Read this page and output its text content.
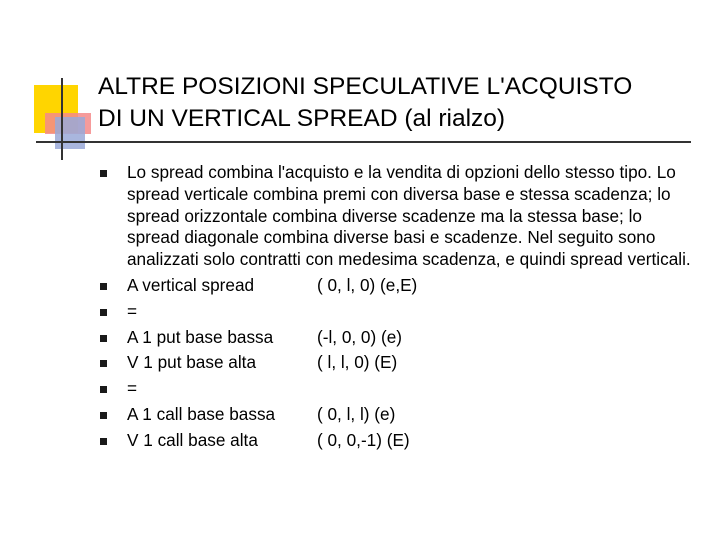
ALTRE POSIZIONI SPECULATIVE L'ACQUISTO
DI UN VERTICAL SPREAD (al rialzo)
Lo spread combina l'acquisto e la vendita di opzioni dello stesso tipo. Lo spread verticale combina premi con diversa base e stessa scadenza; lo spread orizzontale combina diverse scadenze ma la stessa base; lo spread diagonale combina diverse basi e scadenze. Nel seguito sono analizzati solo contratti con medesima scadenza, e quindi spread verticali.
A vertical spread	( 0, l, 0) (e,E)
=
A 1 put base bassa	(-l, 0, 0) (e)
V 1 put base alta	( l, l, 0) (E)
=
A 1 call base bassa	( 0, l, l) (e)
V 1 call base alta	( 0, 0,-1) (E)
